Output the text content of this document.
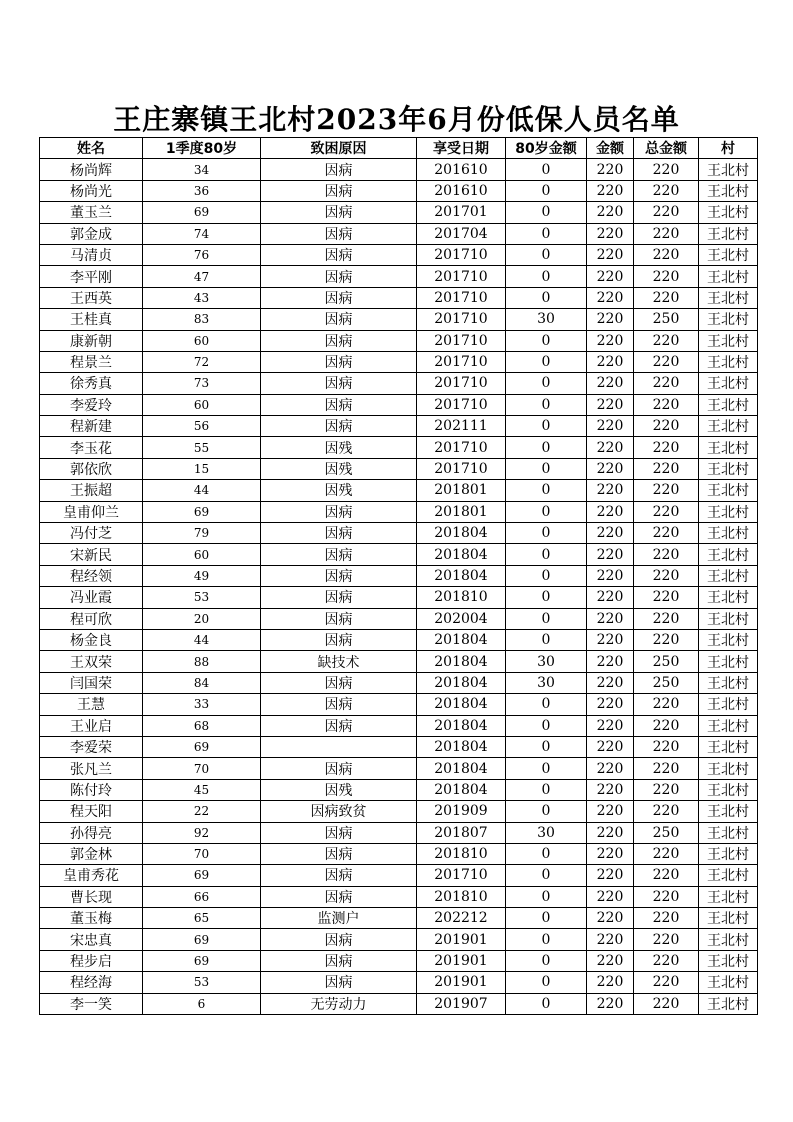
王庄寨镇王北村2023年6月份低保人员名单
姓名	1季度80岁	致困原因	享受日期	80岁金额	金额	总金额	村
杨尚辉	34	因病	201610	0	220	220	王北村
杨尚光	36	因病	201610	0	220	220	王北村
董玉兰	69	因病	201701	0	220	220	王北村
郭金成	74	因病	201704	0	220	220	王北村
马清贞	76	因病	201710	0	220	220	王北村
李平刚	47	因病	201710	0	220	220	王北村
王西英	43	因病	201710	0	220	220	王北村
王桂真	83	因病	201710	30	220	250	王北村
康新朝	60	因病	201710	0	220	220	王北村
程景兰	72	因病	201710	0	220	220	王北村
徐秀真	73	因病	201710	0	220	220	王北村
李爱玲	60	因病	201710	0	220	220	王北村
程新建	56	因病	202111	0	220	220	王北村
李玉花	55	因残	201710	0	220	220	王北村
郭依欣	15	因残	201710	0	220	220	王北村
王振超	44	因残	201801	0	220	220	王北村
皇甫仰兰	69	因病	201801	0	220	220	王北村
冯付芝	79	因病	201804	0	220	220	王北村
宋新民	60	因病	201804	0	220	220	王北村
程经领	49	因病	201804	0	220	220	王北村
冯业霞	53	因病	201810	0	220	220	王北村
程可欣	20	因病	202004	0	220	220	王北村
杨金良	44	因病	201804	0	220	220	王北村
王双荣	88	缺技术	201804	30	220	250	王北村
闫国荣	84	因病	201804	30	220	250	王北村
王慧	33	因病	201804	0	220	220	王北村
王业启	68	因病	201804	0	220	220	王北村
李爱荣	69		201804	0	220	220	王北村
张凡兰	70	因病	201804	0	220	220	王北村
陈付玲	45	因残	201804	0	220	220	王北村
程天阳	22	因病致贫	201909	0	220	220	王北村
孙得亮	92	因病	201807	30	220	250	王北村
郭金林	70	因病	201810	0	220	220	王北村
皇甫秀花	69	因病	201710	0	220	220	王北村
曹长现	66	因病	201810	0	220	220	王北村
董玉梅	65	监测户	202212	0	220	220	王北村
宋忠真	69	因病	201901	0	220	220	王北村
程步启	69	因病	201901	0	220	220	王北村
程经海	53	因病	201901	0	220	220	王北村
李一笑	6	无劳动力	201907	0	220	220	王北村
